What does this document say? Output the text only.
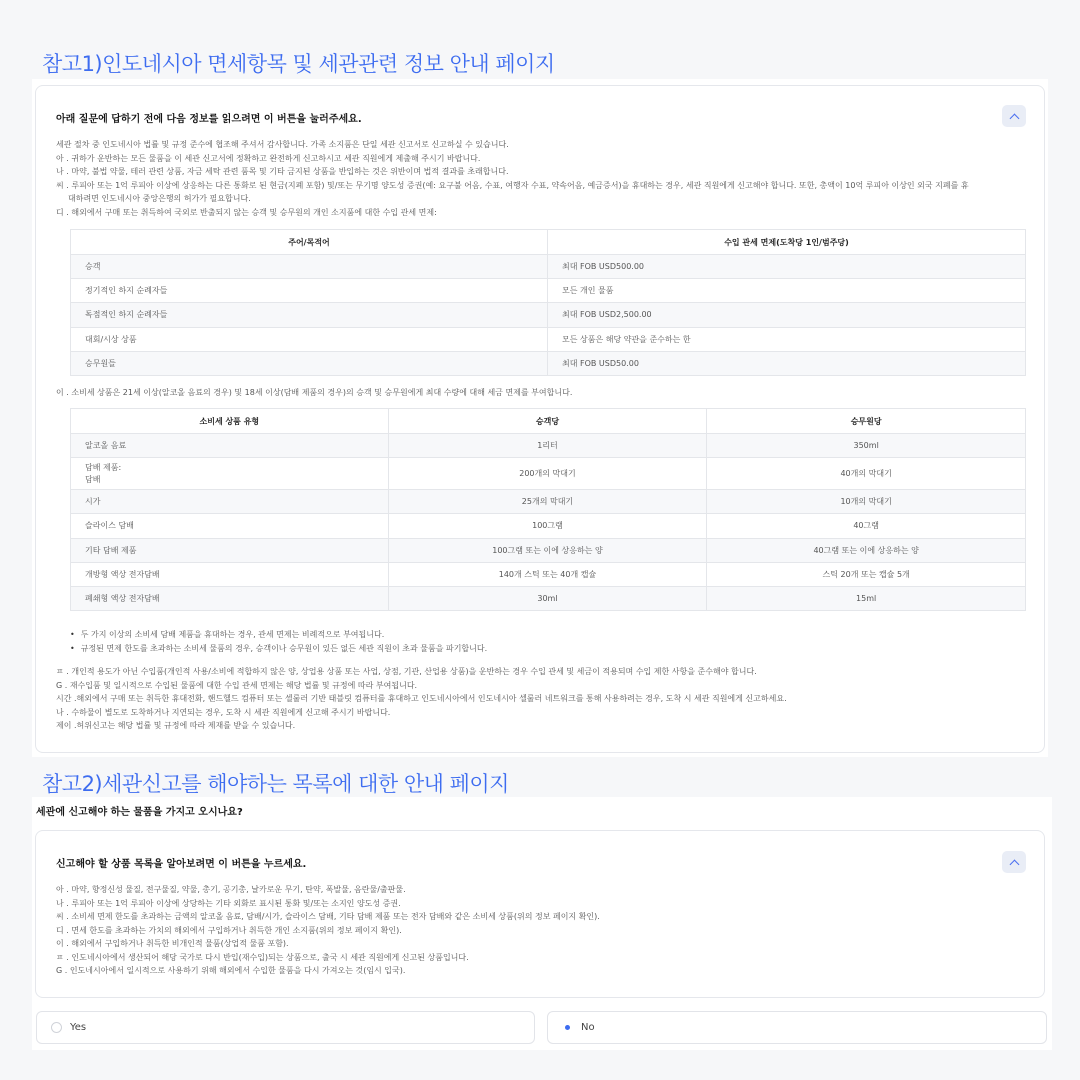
참고1)인도네시아 면세항목 및 세관관련 정보 안내 페이지
아래 질문에 답하기 전에 다음 정보를 읽으려면 이 버튼을 눌러주세요.
세관 절차 중 인도네시아 법률 및 규정 준수에 협조해 주셔서 감사합니다. 가족 소지품은 단일 세관 신고서로 신고하실 수 있습니다.
아 . 귀하가 운반하는 모든 물품을 이 세관 신고서에 정확하고 완전하게 신고하시고 세관 직원에게 제출해 주시기 바랍니다.
나 . 마약, 불법 약물, 테러 관련 상품, 자금 세탁 관련 품목 및 기타 금지된 상품을 반입하는 것은 위반이며 법적 결과를 초래합니다.
씨 . 루피아 또는 1억 루피아 이상에 상응하는 다른 통화로 된 현금(지폐 포함) 및/또는 무기명 양도성 증권(예: 요구불 어음, 수표, 여행자 수표, 약속어음, 예금증서)을 휴대하는 경우, 세관 직원에게 신고해야 합니다. 또한, 총액이 10억 루피아 이상인 외국 지폐를 휴
대하려면 인도네시아 중앙은행의 허가가 필요합니다.
디 . 해외에서 구매 또는 취득하여 국외로 반출되지 않는 승객 및 승무원의 개인 소지품에 대한 수입 관세 면제:
주어/목적어	수입 관세 면제(도착당 1인/범주당)
승객	최대 FOB USD500.00
정기적인 하지 순례자들	모든 개인 물품
독점적인 하지 순례자들	최대 FOB USD2,500.00
대회/시상 상품	모든 상품은 해당 약관을 준수하는 한
승무원들	최대 FOB USD50.00
이 . 소비세 상품은 21세 이상(알코올 음료의 경우) 및 18세 이상(담배 제품의 경우)의 승객 및 승무원에게 최대 수량에 대해 세금 면제를 부여합니다.
소비세 상품 유형	승객당	승무원당
알코올 음료	1리터	350ml
담배 제품:
담배	200개의 막대기	40개의 막대기
시가	25개의 막대기	10개의 막대기
슬라이스 담배	100그램	40그램
기타 담배 제품	100그램 또는 이에 상응하는 양	40그램 또는 이에 상응하는 양
개방형 액상 전자담배	140개 스틱 또는 40개 캡슐	스틱 20개 또는 캡슐 5개
폐쇄형 액상 전자담배	30ml	15ml
• 두 가지 이상의 소비세 담배 제품을 휴대하는 경우, 관세 면제는 비례적으로 부여됩니다.
• 규정된 면제 한도를 초과하는 소비세 물품의 경우, 승객이나 승무원이 있든 없든 세관 직원이 초과 물품을 파기합니다.
ㅍ . 개인적 용도가 아닌 수입품(개인적 사용/소비에 적합하지 않은 양, 상업용 상품 또는 사업, 상점, 기관, 산업용 상품)을 운반하는 경우 수입 관세 및 세금이 적용되며 수입 제한 사항을 준수해야 합니다.
G . 재수입품 및 일시적으로 수입된 물품에 대한 수입 관세 면제는 해당 법률 및 규정에 따라 부여됩니다.
시간 .해외에서 구매 또는 취득한 휴대전화, 핸드헬드 컴퓨터 또는 셀룰러 기반 태블릿 컴퓨터를 휴대하고 인도네시아에서 인도네시아 셀룰러 네트워크를 통해 사용하려는 경우, 도착 시 세관 직원에게 신고하세요.
나 . 수하물이 별도로 도착하거나 지연되는 경우, 도착 시 세관 직원에게 신고해 주시기 바랍니다.
제이 .허위신고는 해당 법률 및 규정에 따라 제재를 받을 수 있습니다.
참고2)세관신고를 해야하는 목록에 대한 안내 페이지
세관에 신고해야 하는 물품을 가지고 오시나요?
신고해야 할 상품 목록을 알아보려면 이 버튼을 누르세요.
아 . 마약, 향정신성 물질, 전구물질, 약물, 총기, 공기총, 날카로운 무기, 탄약, 폭발물, 음란물/출판물.
나 . 루피아 또는 1억 루피아 이상에 상당하는 기타 외화로 표시된 통화 및/또는 소지인 양도성 증권.
씨 . 소비세 면제 한도를 초과하는 금액의 알코올 음료, 담배/시가, 슬라이스 담배, 기타 담배 제품 또는 전자 담배와 같은 소비세 상품(위의 정보 페이지 확인).
디 . 면세 한도를 초과하는 가치의 해외에서 구입하거나 취득한 개인 소지품(위의 정보 페이지 확인).
이 . 해외에서 구입하거나 취득한 비개인적 물품(상업적 물품 포함).
ㅍ . 인도네시아에서 생산되어 해당 국가로 다시 반입(재수입)되는 상품으로, 출국 시 세관 직원에게 신고된 상품입니다.
G . 인도네시아에서 일시적으로 사용하기 위해 해외에서 수입한 물품을 다시 가져오는 것(임시 입국).
Yes	No
